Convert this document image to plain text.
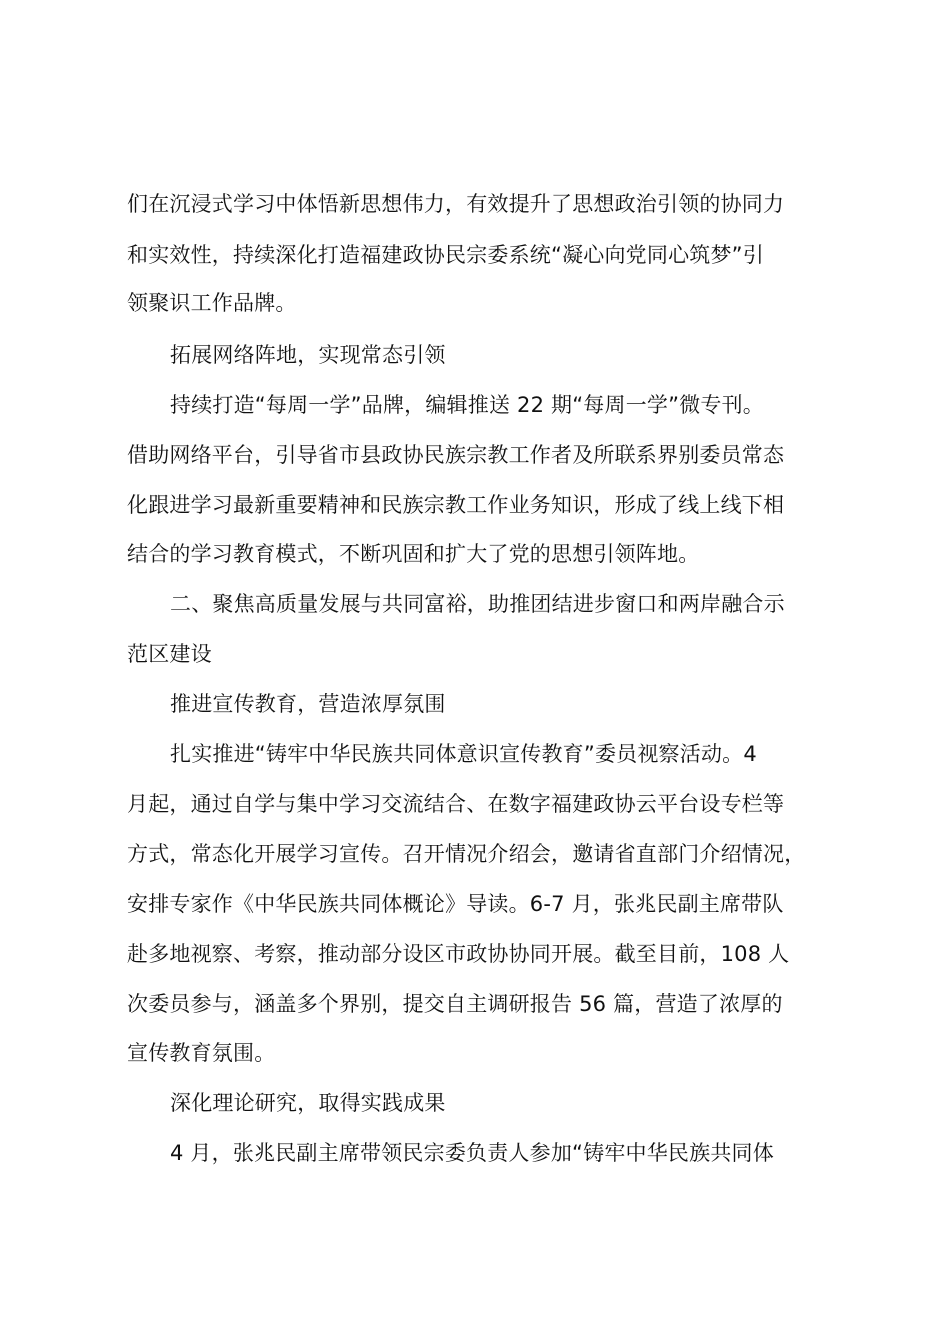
们在沉浸式学习中体悟新思想伟力，有效提升了思想政治引领的协同力
和实效性，持续深化打造福建政协民宗委系统“凝心向党同心筑梦”引
领聚识工作品牌。
拓展网络阵地，实现常态引领
持续打造“每周一学”品牌，编辑推送 22 期“每周一学”微专刊。
借助网络平台，引导省市县政协民族宗教工作者及所联系界别委员常态
化跟进学习最新重要精神和民族宗教工作业务知识，形成了线上线下相
结合的学习教育模式，不断巩固和扩大了党的思想引领阵地。
二、聚焦高质量发展与共同富裕，助推团结进步窗口和两岸融合示
范区建设
推进宣传教育，营造浓厚氛围
扎实推进“铸牢中华民族共同体意识宣传教育”委员视察活动。4
月起，通过自学与集中学习交流结合、在数字福建政协云平台设专栏等
方式，常态化开展学习宣传。召开情况介绍会，邀请省直部门介绍情况，
安排专家作《中华民族共同体概论》导读。6-7 月，张兆民副主席带队
赴多地视察、考察，推动部分设区市政协协同开展。截至目前，108 人
次委员参与，涵盖多个界别，提交自主调研报告 56 篇，营造了浓厚的
宣传教育氛围。
深化理论研究，取得实践成果
4 月，张兆民副主席带领民宗委负责人参加“铸牢中华民族共同体
